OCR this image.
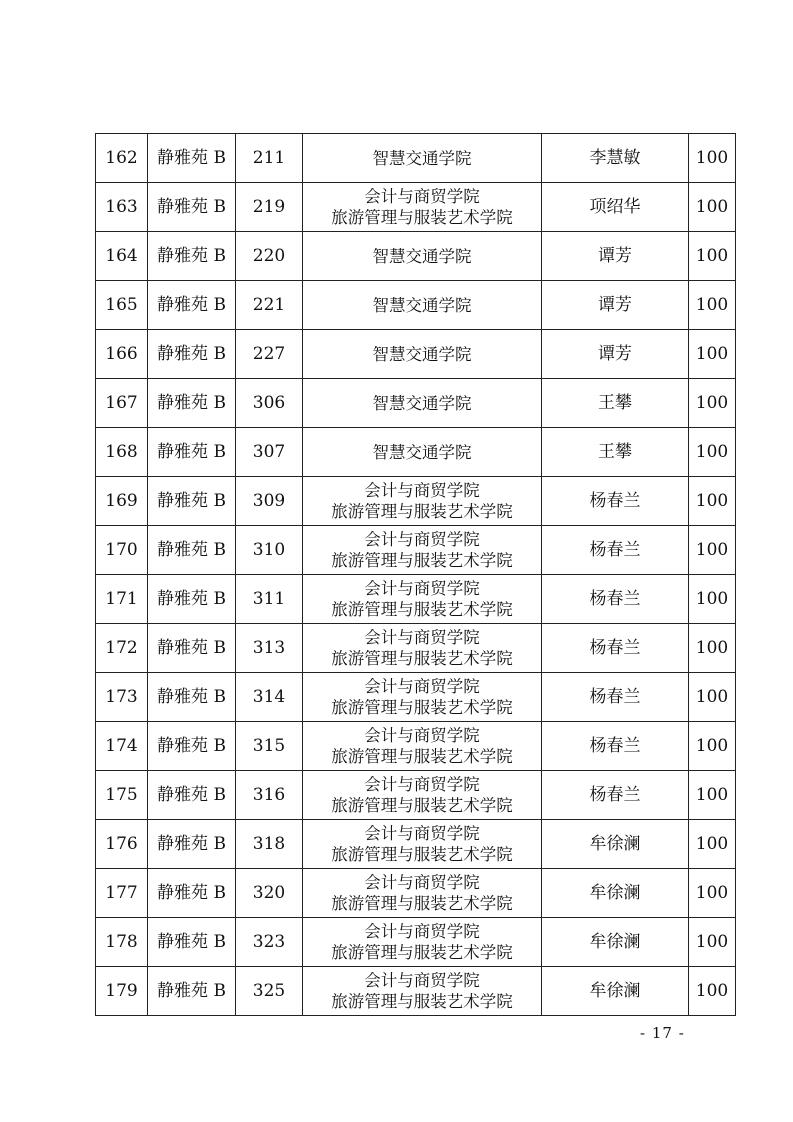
162	静雅苑 B	211	智慧交通学院	李慧敏	100
163	静雅苑 B	219	会计与商贸学院
旅游管理与服装艺术学院	项绍华	100
164	静雅苑 B	220	智慧交通学院	谭芳	100
165	静雅苑 B	221	智慧交通学院	谭芳	100
166	静雅苑 B	227	智慧交通学院	谭芳	100
167	静雅苑 B	306	智慧交通学院	王攀	100
168	静雅苑 B	307	智慧交通学院	王攀	100
169	静雅苑 B	309	会计与商贸学院
旅游管理与服装艺术学院	杨春兰	100
170	静雅苑 B	310	会计与商贸学院
旅游管理与服装艺术学院	杨春兰	100
171	静雅苑 B	311	会计与商贸学院
旅游管理与服装艺术学院	杨春兰	100
172	静雅苑 B	313	会计与商贸学院
旅游管理与服装艺术学院	杨春兰	100
173	静雅苑 B	314	会计与商贸学院
旅游管理与服装艺术学院	杨春兰	100
174	静雅苑 B	315	会计与商贸学院
旅游管理与服装艺术学院	杨春兰	100
175	静雅苑 B	316	会计与商贸学院
旅游管理与服装艺术学院	杨春兰	100
176	静雅苑 B	318	会计与商贸学院
旅游管理与服装艺术学院	牟徐澜	100
177	静雅苑 B	320	会计与商贸学院
旅游管理与服装艺术学院	牟徐澜	100
178	静雅苑 B	323	会计与商贸学院
旅游管理与服装艺术学院	牟徐澜	100
179	静雅苑 B	325	会计与商贸学院
旅游管理与服装艺术学院	牟徐澜	100
- 17 -
